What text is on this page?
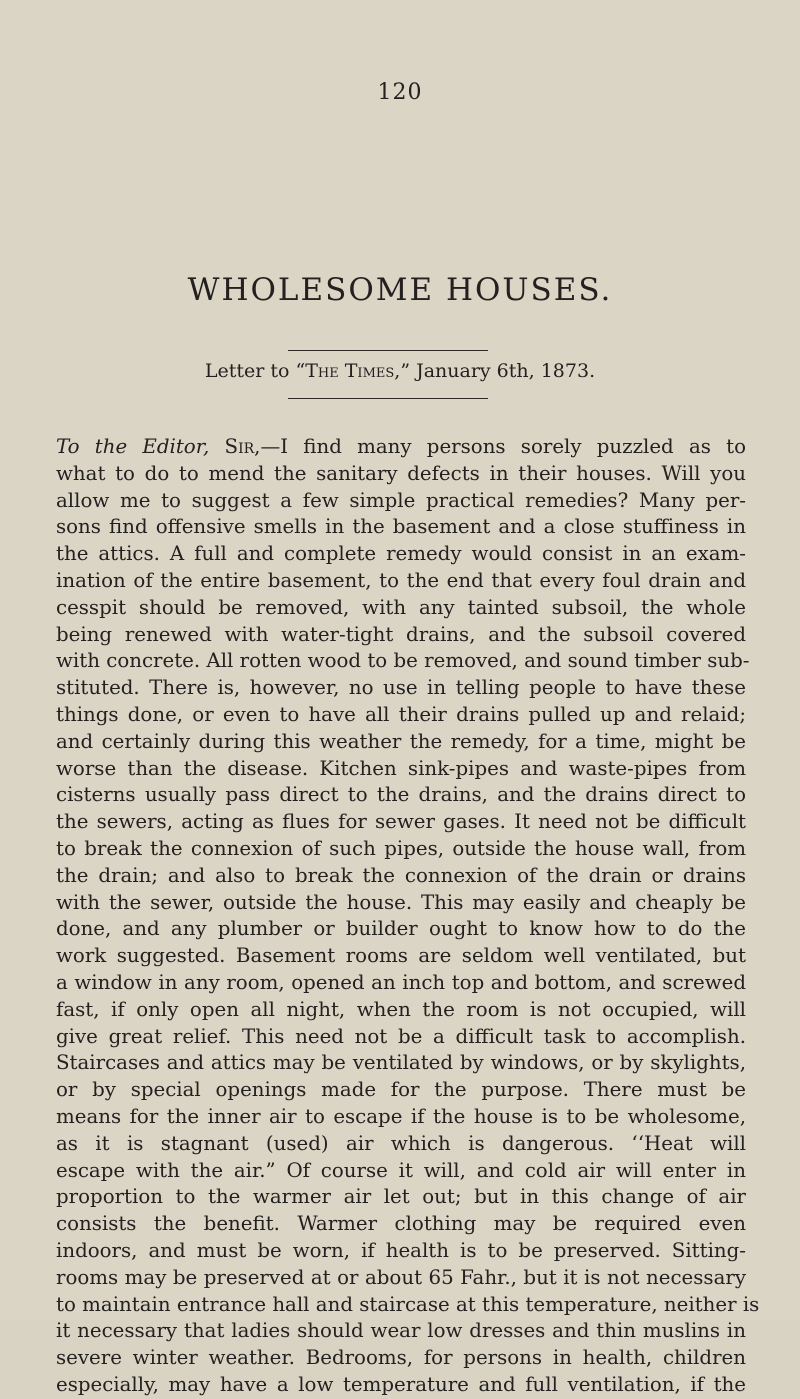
120
WHOLESOME HOUSES.
Letter to “The Times,” January 6th, 1873.
To the Editor, Sir,—I find many persons sorely puzzled as to
what to do to mend the sanitary defects in their houses. Will you
allow me to suggest a few simple practical remedies? Many per-
sons find offensive smells in the basement and a close stuffiness in
the attics. A full and complete remedy would consist in an exam-
ination of the entire basement, to the end that every foul drain and
cesspit should be removed, with any tainted subsoil, the whole
being renewed with water-tight drains, and the subsoil covered
with concrete. All rotten wood to be removed, and sound timber sub-
stituted. There is, however, no use in telling people to have these
things done, or even to have all their drains pulled up and relaid;
and certainly during this weather the remedy, for a time, might be
worse than the disease. Kitchen sink-pipes and waste-pipes from
cisterns usually pass direct to the drains, and the drains direct to
the sewers, acting as flues for sewer gases. It need not be difficult
to break the connexion of such pipes, outside the house wall, from
the drain; and also to break the connexion of the drain or drains
with the sewer, outside the house. This may easily and cheaply be
done, and any plumber or builder ought to know how to do the
work suggested. Basement rooms are seldom well ventilated, but
a window in any room, opened an inch top and bottom, and screwed
fast, if only open all night, when the room is not occupied, will
give great relief. This need not be a difficult task to accomplish.
Staircases and attics may be ventilated by windows, or by skylights,
or by special openings made for the purpose. There must be
means for the inner air to escape if the house is to be wholesome,
as it is stagnant (used) air which is dangerous. ‘‘Heat will
escape with the air.” Of course it will, and cold air will enter in
proportion to the warmer air let out; but in this change of air
consists the benefit. Warmer clothing may be required even
indoors, and must be worn, if health is to be preserved. Sitting-
rooms may be preserved at or about 65 Fahr., but it is not necessary
to maintain entrance hall and staircase at this temperature, neither is
it necessary that ladies should wear low dresses and thin muslins in
severe winter weather. Bedrooms, for persons in health, children
especially, may have a low temperature and full ventilation, if the
